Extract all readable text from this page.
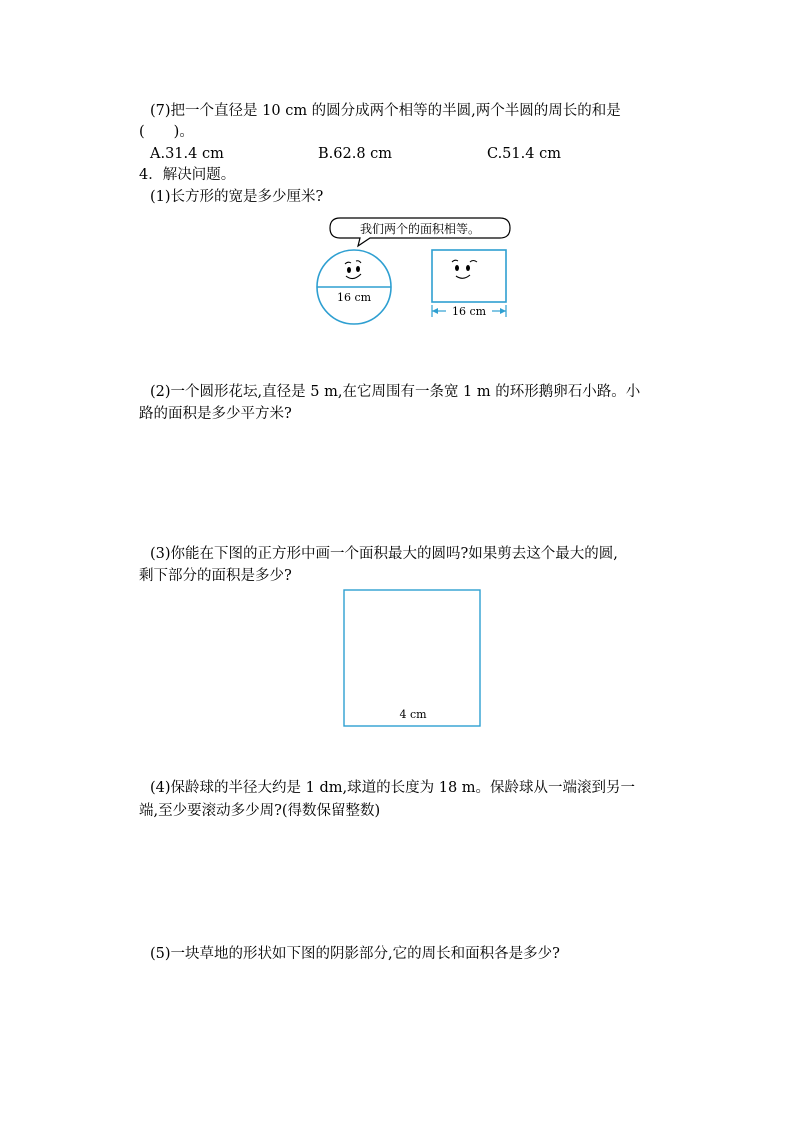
(7)把一个直径是 10 cm 的圆分成两个相等的半圆,两个半圆的周长的和是
(　　)。
A.31.4 cm	B.62.8 cm	C.51.4 cm
4．解决问题。
(1)长方形的宽是多少厘米?
我们两个的面积相等。
16 cm
16 cm
(2)一个圆形花坛,直径是 5 m,在它周围有一条宽 1 m 的环形鹅卵石小路。小
路的面积是多少平方米?
(3)你能在下图的正方形中画一个面积最大的圆吗?如果剪去这个最大的圆,
剩下部分的面积是多少?
4 cm
(4)保龄球的半径大约是 1 dm,球道的长度为 18 m。保龄球从一端滚到另一
端,至少要滚动多少周?(得数保留整数)
(5)一块草地的形状如下图的阴影部分,它的周长和面积各是多少?
